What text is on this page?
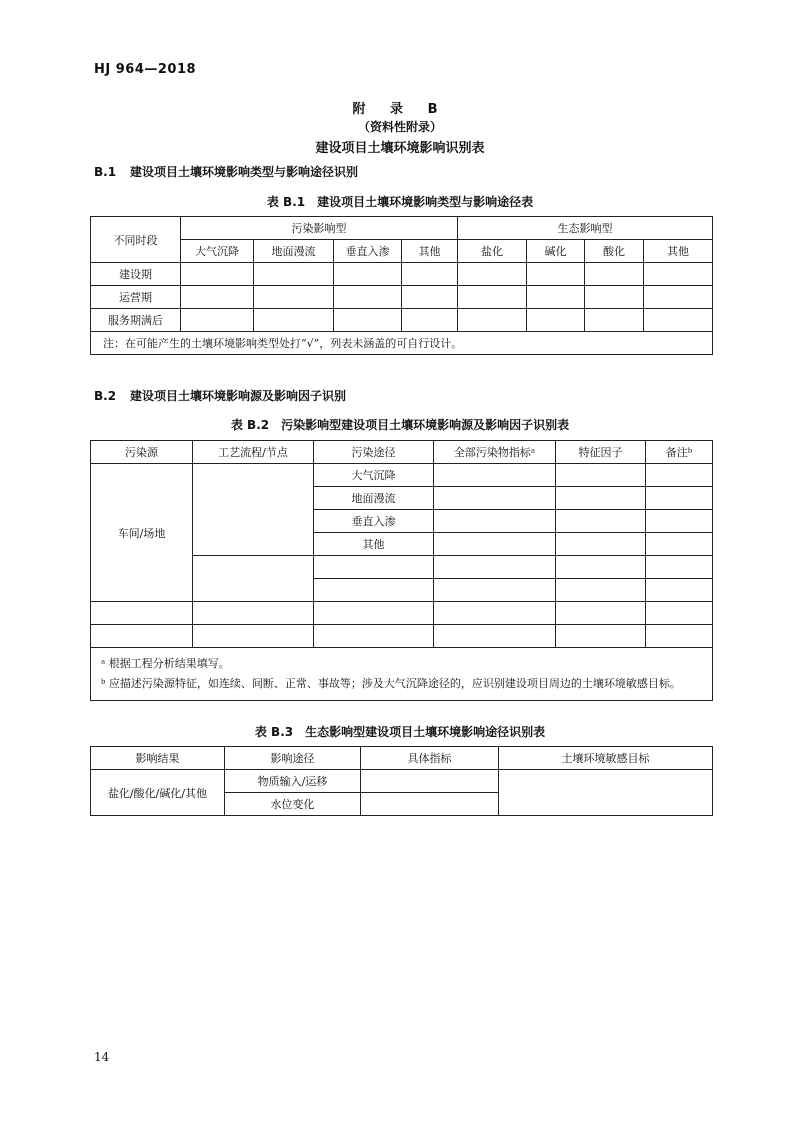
HJ 964—2018
附 录 B
（资料性附录）
建设项目土壤环境影响识别表
B.1 建设项目土壤环境影响类型与影响途径识别
表 B.1　建设项目土壤环境影响类型与影响途径表
不同时段	污染影响型				生态影响型			
	大气沉降	地面漫流	垂直入渗	其他	盐化	碱化	酸化	其他
建设期								
运营期								
服务期满后								
注：在可能产生的土壤环境影响类型处打“√”，列表未涵盖的可自行设计。								
B.2 建设项目土壤环境影响源及影响因子识别
表 B.2　污染影响型建设项目土壤环境影响源及影响因子识别表
污染源	工艺流程/节点	污染途径	全部污染物指标ᵃ	特征因子	备注ᵇ
车间/场地		大气沉降			
		地面漫流			
		垂直入渗			
		其他			

ᵃ 根据工程分析结果填写。
ᵇ 应描述污染源特征，如连续、间断、正常、事故等；涉及大气沉降途径的，应识别建设项目周边的土壤环境敏感目标。					
表 B.3　生态影响型建设项目土壤环境影响途径识别表
影响结果	影响途径	具体指标	土壤环境敏感目标
盐化/酸化/碱化/其他	物质输入/运移		
	水位变化		
14
